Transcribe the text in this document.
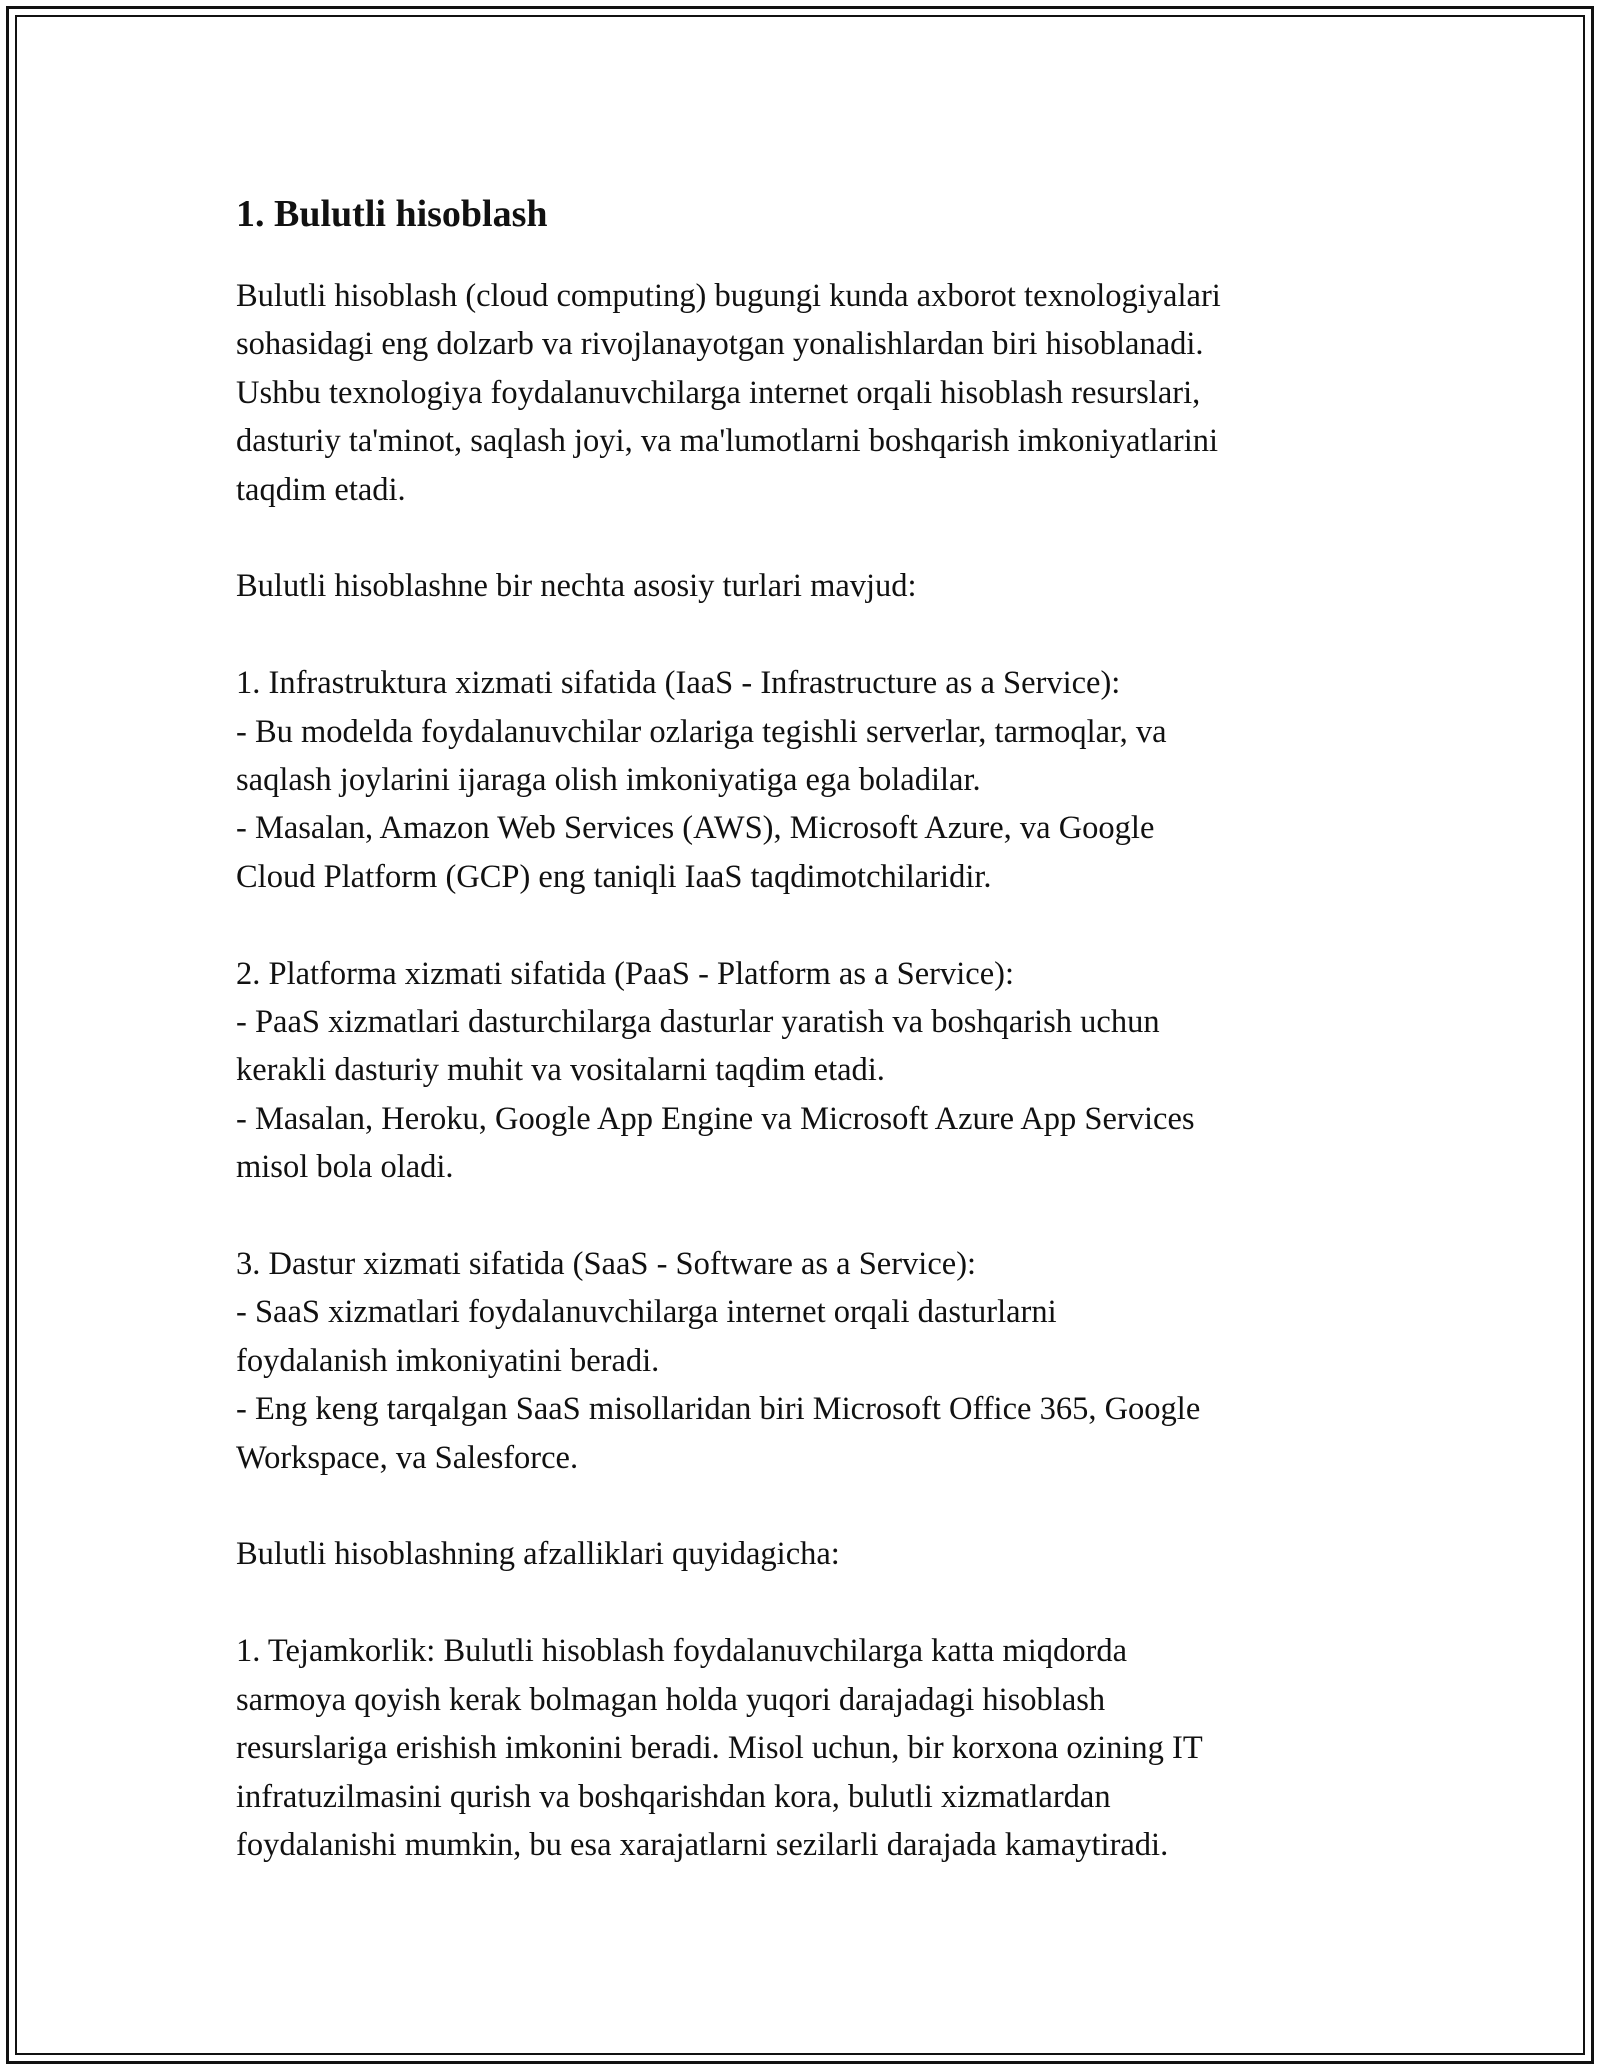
1. Bulutli hisoblash

Bulutli hisoblash (cloud computing) bugungi kunda axborot texnologiyalari
sohasidagi eng dolzarb va rivojlanayotgan yonalishlardan biri hisoblanadi.
Ushbu texnologiya foydalanuvchilarga internet orqali hisoblash resurslari,
dasturiy ta'minot, saqlash joyi, va ma'lumotlarni boshqarish imkoniyatlarini
taqdim etadi.

Bulutli hisoblashne bir nechta asosiy turlari mavjud:

1. Infrastruktura xizmati sifatida (IaaS - Infrastructure as a Service):
- Bu modelda foydalanuvchilar ozlariga tegishli serverlar, tarmoqlar, va
saqlash joylarini ijaraga olish imkoniyatiga ega boladilar.
- Masalan, Amazon Web Services (AWS), Microsoft Azure, va Google
Cloud Platform (GCP) eng taniqli IaaS taqdimotchilaridir.

2. Platforma xizmati sifatida (PaaS - Platform as a Service):
- PaaS xizmatlari dasturchilarga dasturlar yaratish va boshqarish uchun
kerakli dasturiy muhit va vositalarni taqdim etadi.
- Masalan, Heroku, Google App Engine va Microsoft Azure App Services
misol bola oladi.

3. Dastur xizmati sifatida (SaaS - Software as a Service):
- SaaS xizmatlari foydalanuvchilarga internet orqali dasturlarni
foydalanish imkoniyatini beradi.
- Eng keng tarqalgan SaaS misollaridan biri Microsoft Office 365, Google
Workspace, va Salesforce.

Bulutli hisoblashning afzalliklari quyidagicha:

1. Tejamkorlik: Bulutli hisoblash foydalanuvchilarga katta miqdorda
sarmoya qoyish kerak bolmagan holda yuqori darajadagi hisoblash
resurslariga erishish imkonini beradi. Misol uchun, bir korxona ozining IT
infratuzilmasini qurish va boshqarishdan kora, bulutli xizmatlardan
foydalanishi mumkin, bu esa xarajatlarni sezilarli darajada kamaytiradi.
